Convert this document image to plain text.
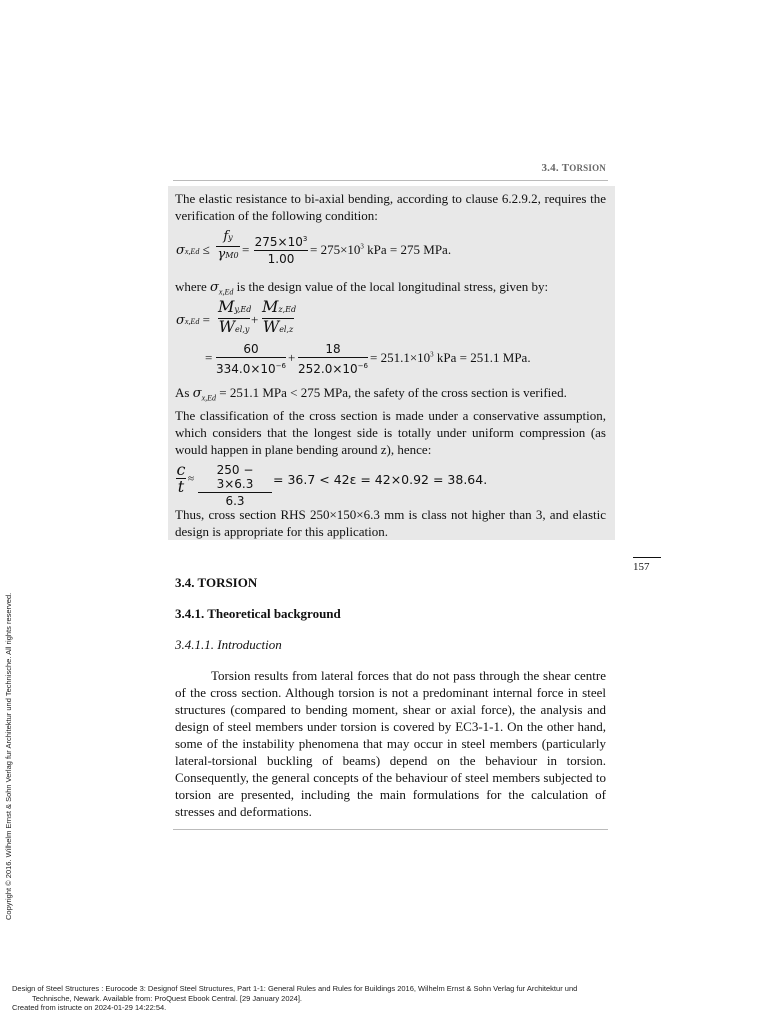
3.4. TORSION
The elastic resistance to bi-axial bending, according to clause 6.2.9.2, requires the verification of the following condition:
σx,Ed ≤
fy
$\gamma M0 = 275\times 10^3$
1.00
= $275\times 10^3$ kPa = 275 MPa.
where $\sigma_{x,Ed}$ is the design value of the local longitudinal stress, given by:
σx,Ed =
My,Ed
Wel,y
+
Mz,Ed
Wel,z
=
60
$334.0\times 10^{-6}$
+
18
$252.0\times 10^{-6}$
= $251.1\times 10^3$ kPa = 251.1 MPa.
As $\sigma_{x,Ed} = 251.1$ MPa < 275 MPa, the safety of the cross section is verified.
The classification of the cross section is made under a conservative assumption, which considers that the longest side is totally under uniform compression (as would happen in plane bending around z), hence:
c
t ≈
250 − 3×6.3
6.3
= 36.7 < 42ε = 42×0.92 = 38.64.
Thus, cross section RHS 250×150×6.3 mm is class not higher than 3, and elastic design is appropriate for this application.
157
3.4. TORSION
3.4.1. Theoretical background
3.4.1.1. Introduction
Torsion results from lateral forces that do not pass through the shear centre of the cross section. Although torsion is not a predominant internal force in steel structures (compared to bending moment, shear or axial force), the analysis and design of steel members under torsion is covered by EC3-1-1. On the other hand, some of the instability phenomena that may occur in steel members (particularly lateral-torsional buckling of beams) depend on the behaviour in torsion. Consequently, the general concepts of the behaviour of steel members subjected to torsion are presented, including the main formulations for the calculation of stresses and deformations.
Copyright © 2016. Wilhelm Ernst & Sohn Verlag fur Architektur und Technische. All rights reserved.
Design of Steel Structures : Eurocode 3: Designof Steel Structures, Part 1-1: General Rules and Rules for Buildings 2016, Wilhelm Ernst & Sohn Verlag fur Architektur und
Technische, Newark. Available from: ProQuest Ebook Central. [29 January 2024].
Created from istructe on 2024-01-29 14:22:54.
